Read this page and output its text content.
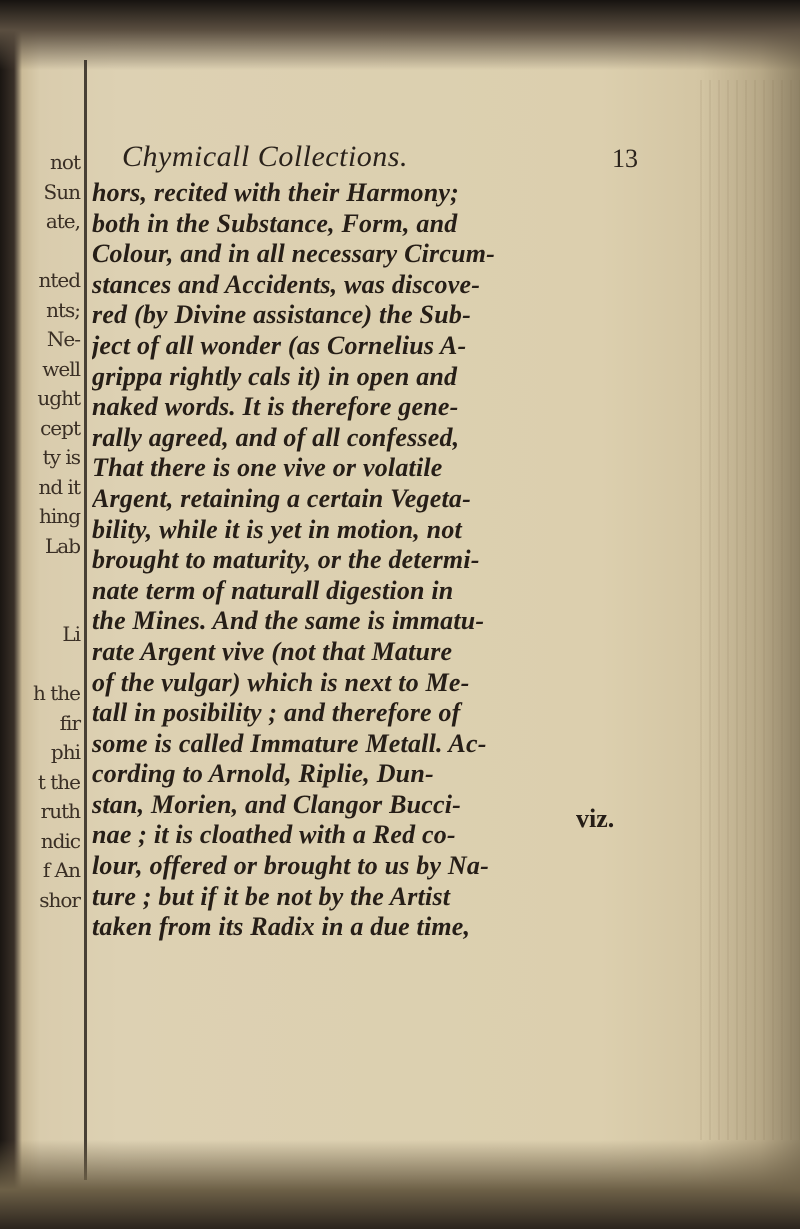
not
Sun
ate,
nted
nts;
Ne-
well
ught
cept
ty is
nd it
hing
Lab
Li
h the
fir
phi
t the
ruth
ndic
f An
shor
Chymicall Collections.	13
hors, recited with their Harmony;
both in the Substance, Form, and
Colour, and in all necessary Circum-
stances and Accidents, was discove-
red (by Divine assistance) the Sub-
ject of all wonder (as Cornelius A-
grippa rightly cals it) in open and
naked words. It is therefore gene-
rally agreed, and of all confessed,
That there is one vive or volatile
Argent, retaining a certain Vegeta-
bility, while it is yet in motion, not
brought to maturity, or the determi-
nate term of naturall digestion in
the Mines. And the same is immatu-
rate Argent vive (not that Mature
of the vulgar) which is next to Me-
tall in posibility ; and therefore of
some is called Immature Metall. Ac-
cording to Arnold, Riplie, Dun-
stan, Morien, and Clangor Bucci-
nae ; it is cloathed with a Red co-
lour, offered or brought to us by Na-
ture ; but if it be not by the Artist
taken from its Radix in a due time,
viz.
